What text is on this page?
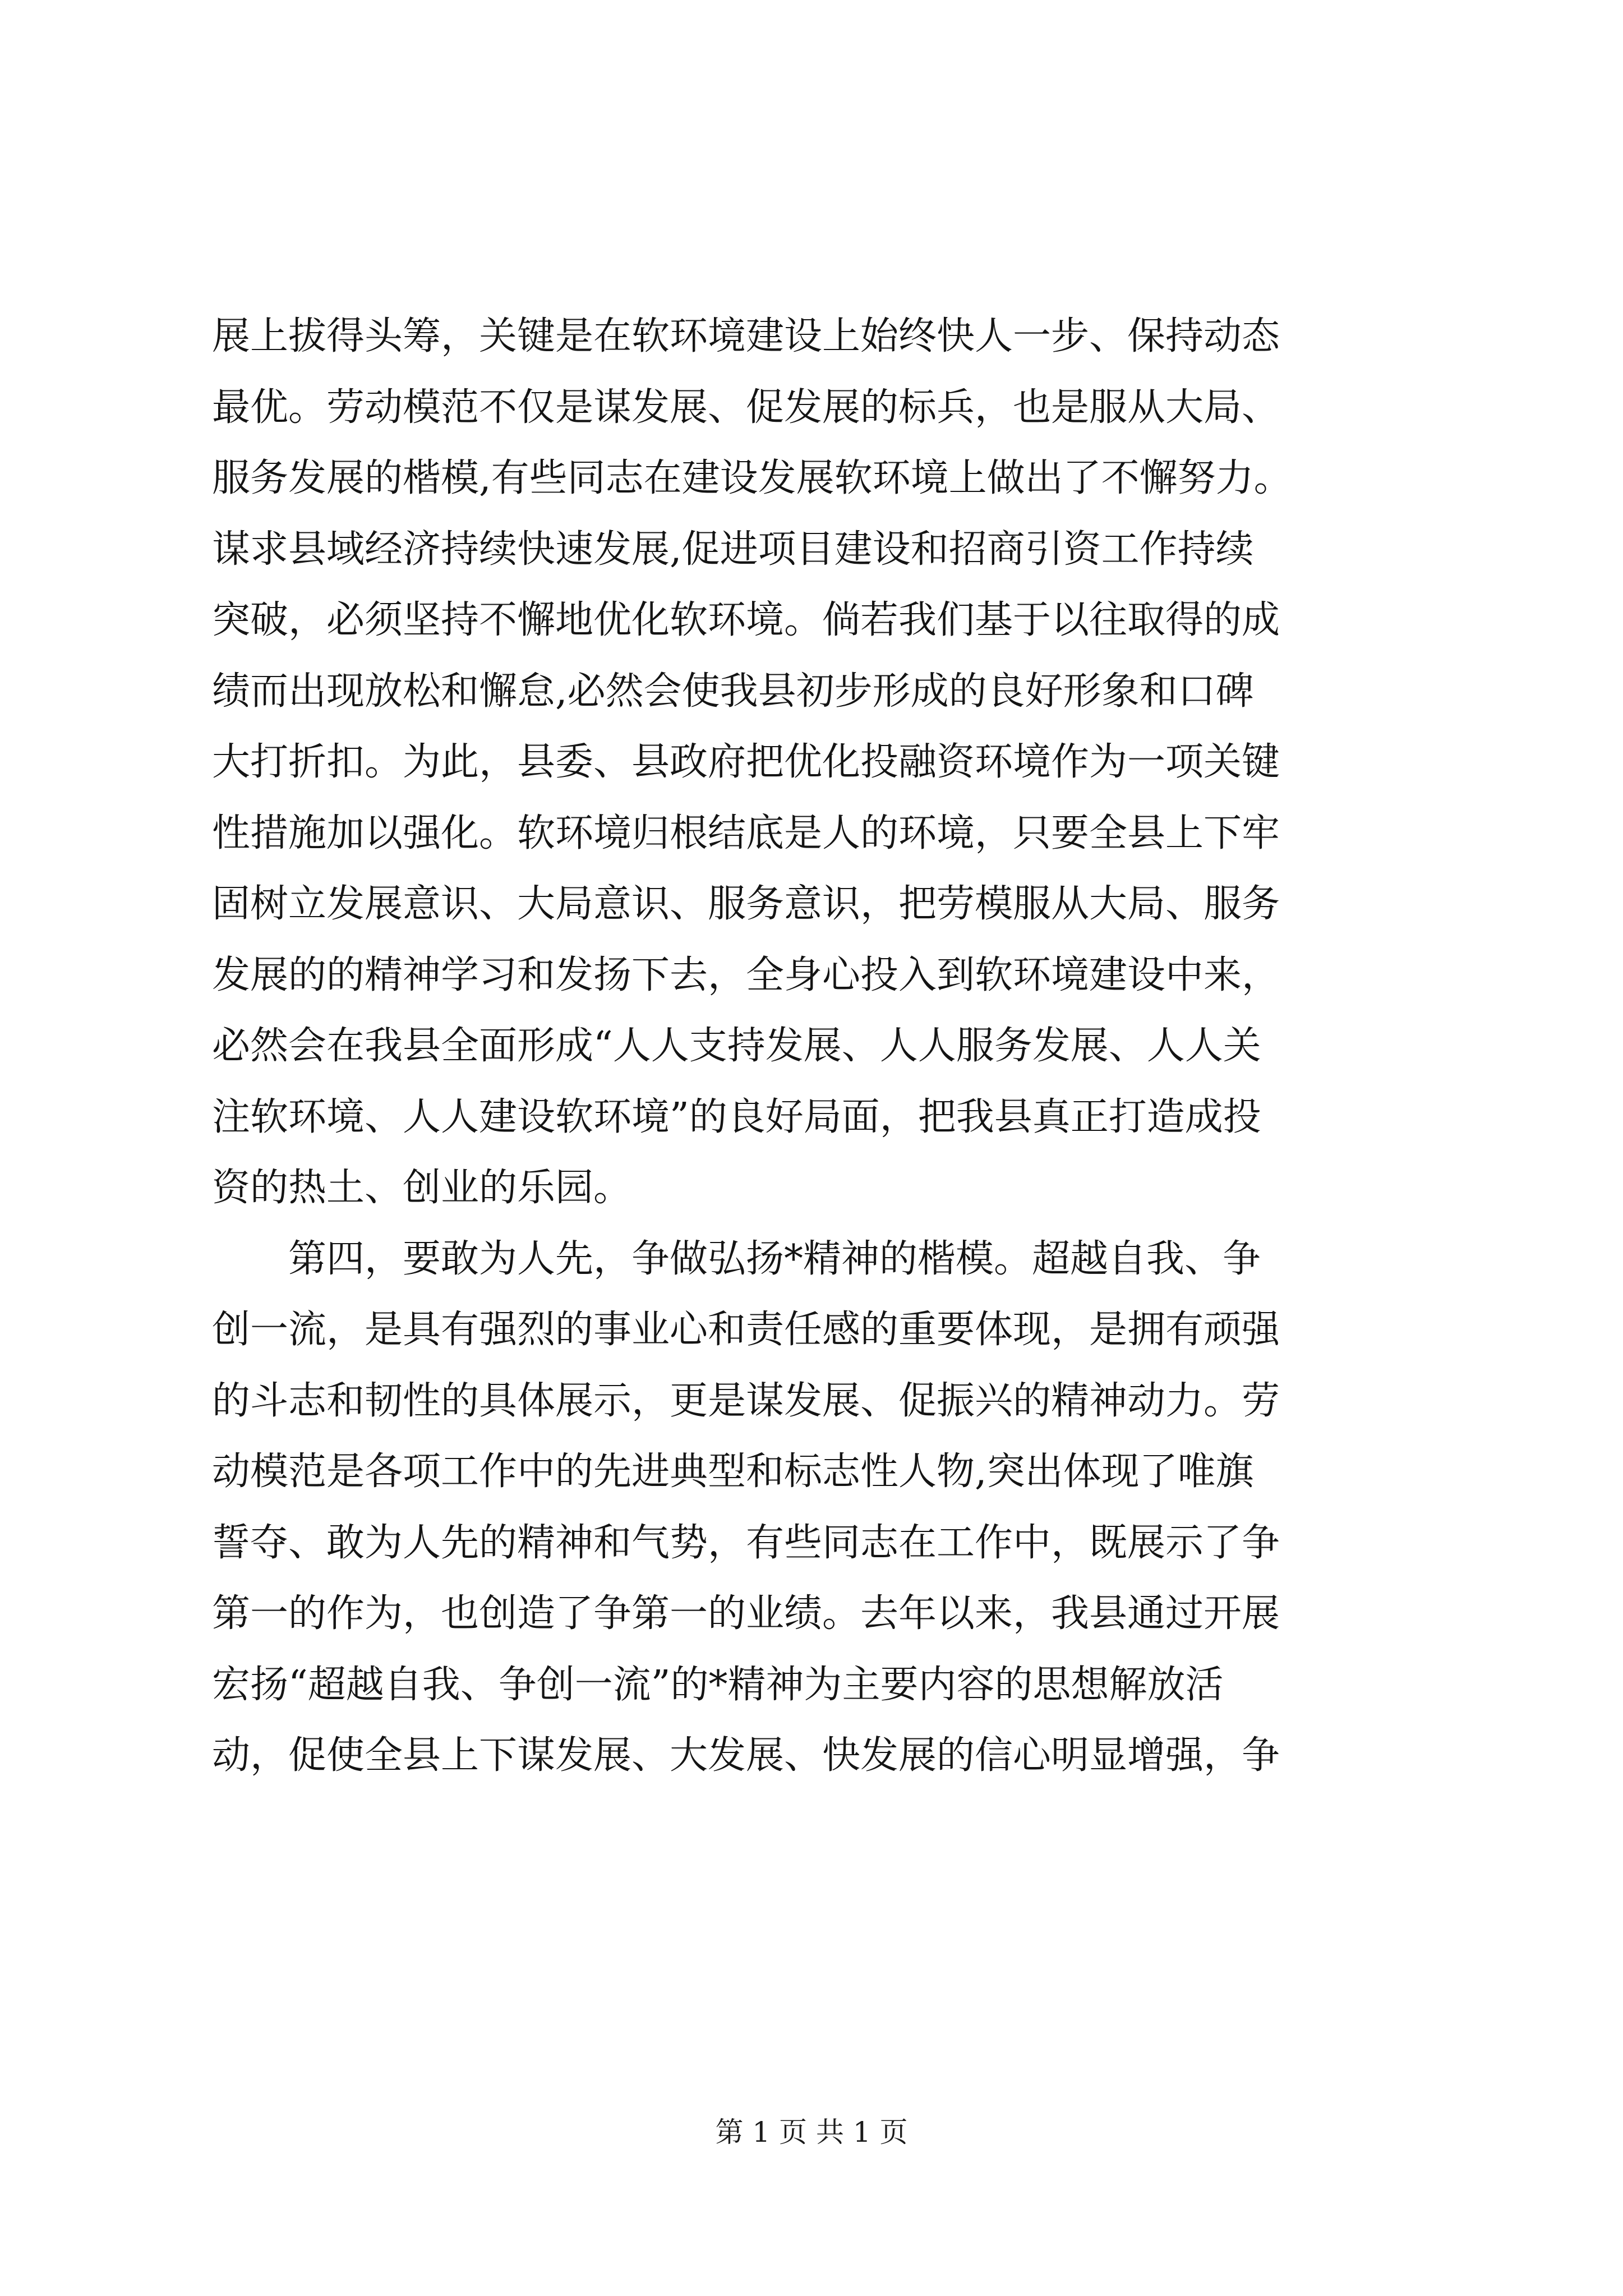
展上拔得头筹，关键是在软环境建设上始终快人一步、保持动态
最优。劳动模范不仅是谋发展、促发展的标兵，也是服从大局、
服务发展的楷模,有些同志在建设发展软环境上做出了不懈努力。
谋求县域经济持续快速发展,促进项目建设和招商引资工作持续
突破，必须坚持不懈地优化软环境。倘若我们基于以往取得的成
绩而出现放松和懈怠,必然会使我县初步形成的良好形象和口碑
大打折扣。为此，县委、县政府把优化投融资环境作为一项关键
性措施加以强化。软环境归根结底是人的环境，只要全县上下牢
固树立发展意识、大局意识、服务意识，把劳模服从大局、服务
发展的的精神学习和发扬下去，全身心投入到软环境建设中来，
必然会在我县全面形成“人人支持发展、人人服务发展、人人关
注软环境、人人建设软环境”的良好局面，把我县真正打造成投
资的热土、创业的乐园。
　　第四，要敢为人先，争做弘扬*精神的楷模。超越自我、争
创一流，是具有强烈的事业心和责任感的重要体现，是拥有顽强
的斗志和韧性的具体展示，更是谋发展、促振兴的精神动力。劳
动模范是各项工作中的先进典型和标志性人物,突出体现了唯旗
誓夺、敢为人先的精神和气势，有些同志在工作中，既展示了争
第一的作为，也创造了争第一的业绩。去年以来，我县通过开展
宏扬“超越自我、争创一流”的*精神为主要内容的思想解放活
动，促使全县上下谋发展、大发展、快发展的信心明显增强，争
第 1 页 共 1 页
